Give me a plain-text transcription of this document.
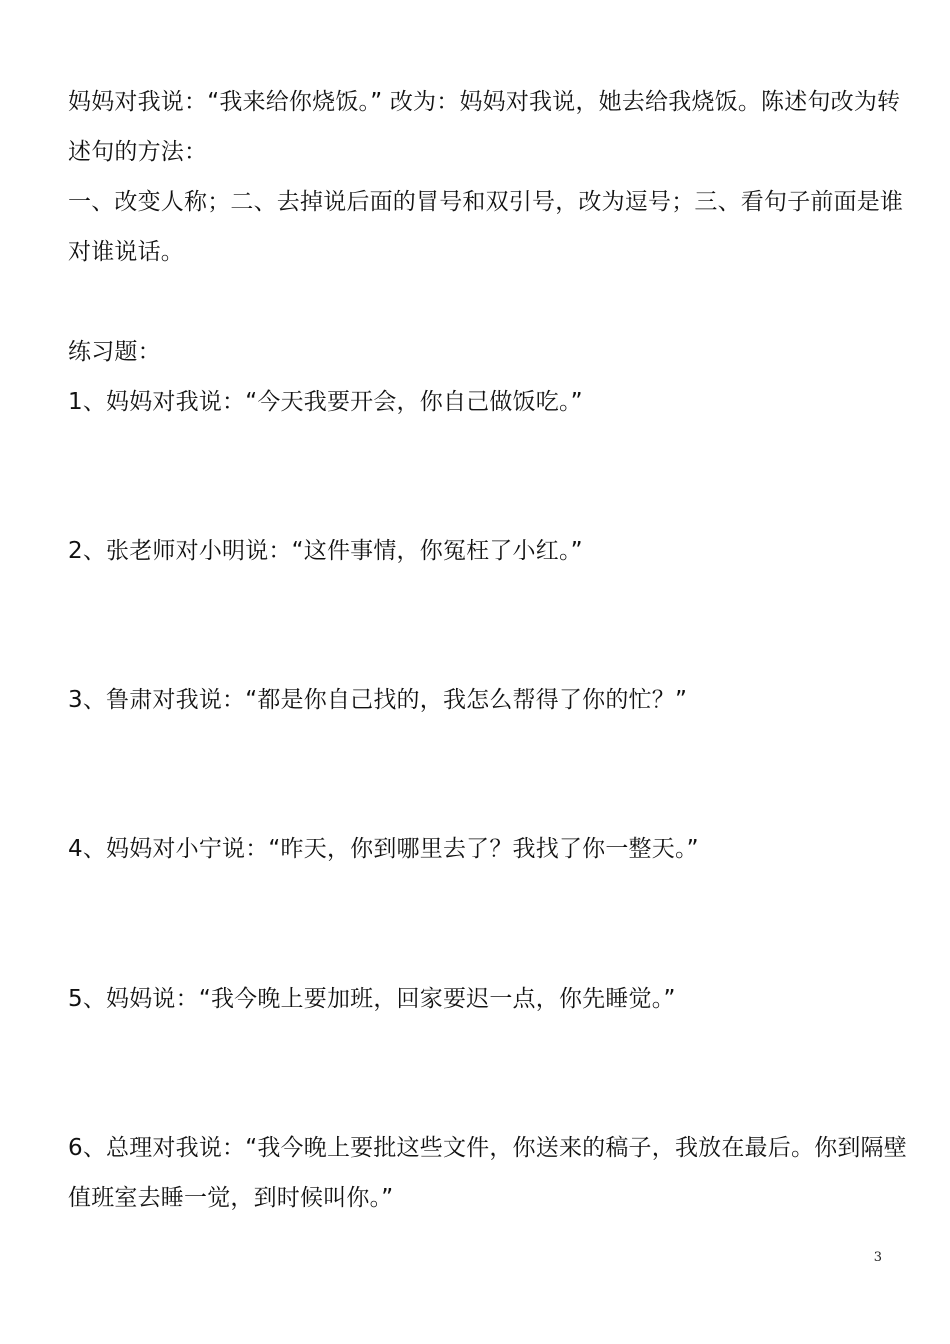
妈妈对我说：“我来给你烧饭。” 改为：妈妈对我说，她去给我烧饭。陈述句改为转
述句的方法：
一、改变人称；二、去掉说后面的冒号和双引号，改为逗号；三、看句子前面是谁
对谁说话。
练习题：
1、妈妈对我说：“今天我要开会，你自己做饭吃。”
2、张老师对小明说：“这件事情，你冤枉了小红。”
3、鲁肃对我说：“都是你自己找的，我怎么帮得了你的忙？”
4、妈妈对小宁说：“昨天，你到哪里去了？我找了你一整天。”
5、妈妈说：“我今晚上要加班，回家要迟一点，你先睡觉。”
6、总理对我说：“我今晚上要批这些文件，你送来的稿子，我放在最后。你到隔壁
值班室去睡一觉，到时候叫你。”
3
